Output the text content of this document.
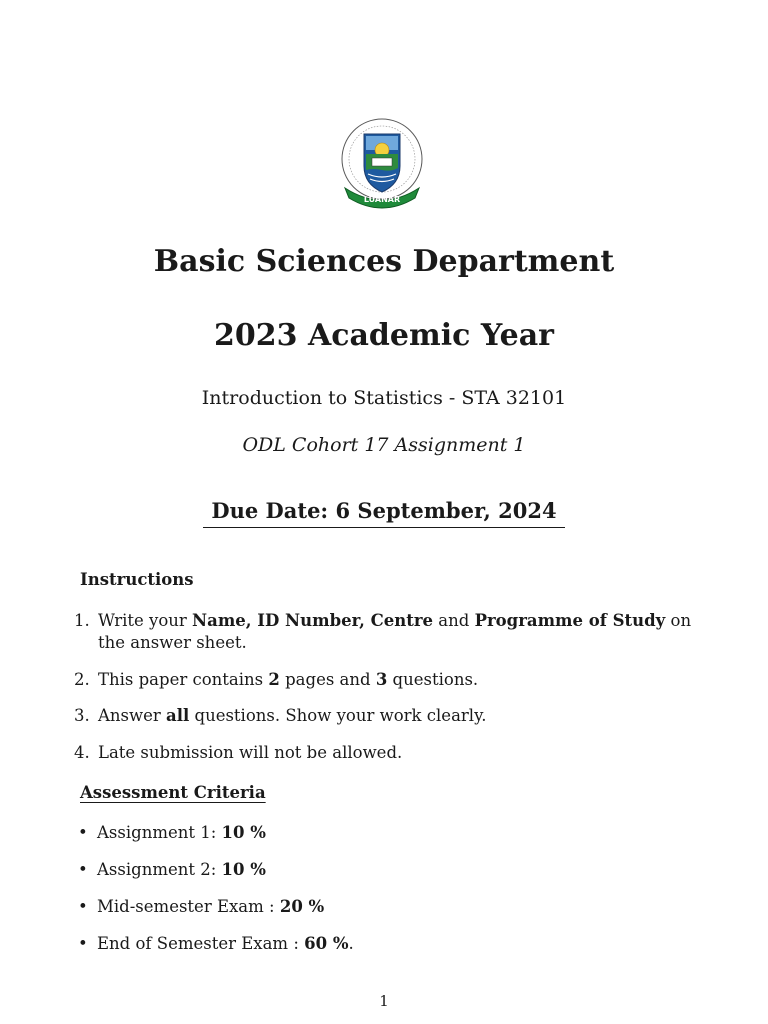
LUANAR
Basic Sciences Department
2023 Academic Year
Introduction to Statistics - STA 32101
ODL Cohort 17 Assignment 1
Due Date: 6 September, 2024
Instructions
1. Write your Name, ID Number, Centre and Programme of Study on the answer sheet.
2. This paper contains 2 pages and 3 questions.
3. Answer all questions. Show your work clearly.
4. Late submission will not be allowed.
Assessment Criteria
• Assignment 1: 10 %
• Assignment 2: 10 %
• Mid-semester Exam : 20 %
• End of Semester Exam : 60 %.
1
